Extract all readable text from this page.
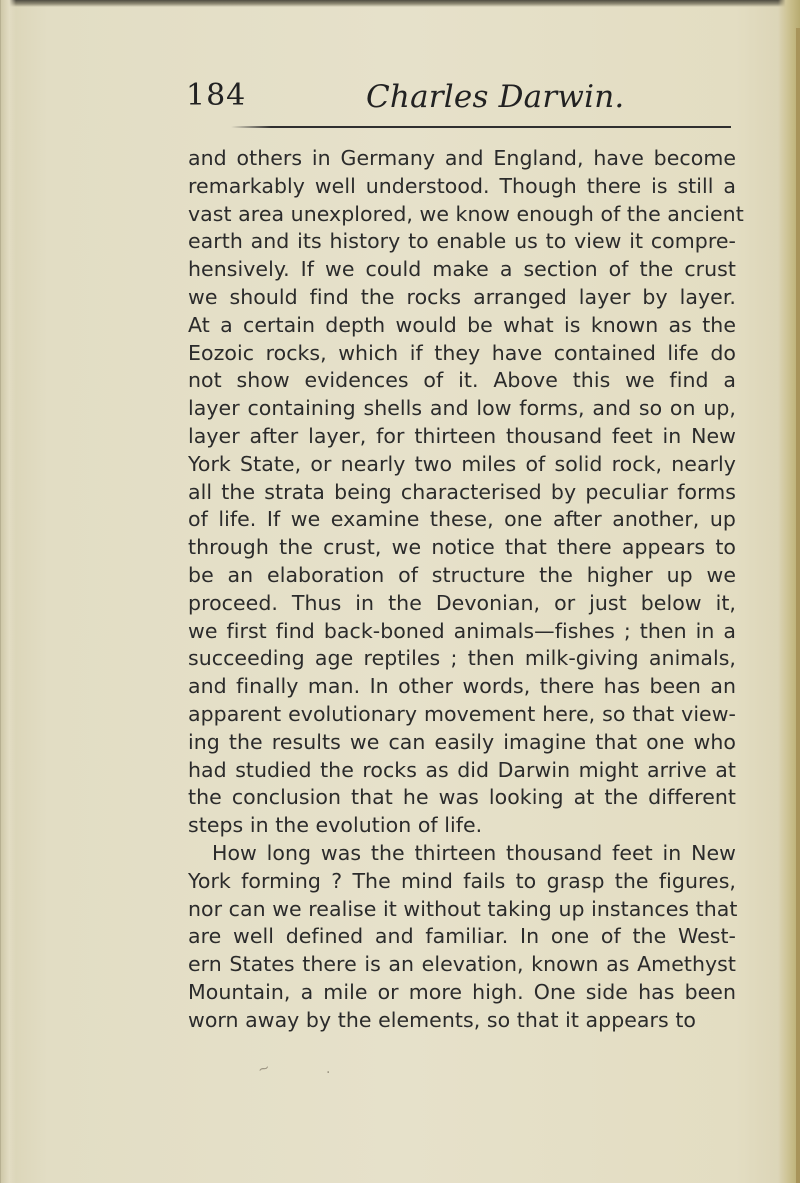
184	Charles Darwin.
and others in Germany and England, have become
remarkably well understood. Though there is still a
vast area unexplored, we know enough of the ancient
earth and its history to enable us to view it compre-
hensively. If we could make a section of the crust
we should find the rocks arranged layer by layer.
At a certain depth would be what is known as the
Eozoic rocks, which if they have contained life do
not show evidences of it. Above this we find a
layer containing shells and low forms, and so on up,
layer after layer, for thirteen thousand feet in New
York State, or nearly two miles of solid rock, nearly
all the strata being characterised by peculiar forms
of life. If we examine these, one after another, up
through the crust, we notice that there appears to
be an elaboration of structure the higher up we
proceed. Thus in the Devonian, or just below it,
we first find back-boned animals—fishes ; then in a
succeeding age reptiles ; then milk-giving animals,
and finally man. In other words, there has been an
apparent evolutionary movement here, so that view-
ing the results we can easily imagine that one who
had studied the rocks as did Darwin might arrive at
the conclusion that he was looking at the different
steps in the evolution of life.
How long was the thirteen thousand feet in New
York forming ? The mind fails to grasp the figures,
nor can we realise it without taking up instances that
are well defined and familiar. In one of the West-
ern States there is an elevation, known as Amethyst
Mountain, a mile or more high. One side has been
worn away by the elements, so that it appears to
~	·
